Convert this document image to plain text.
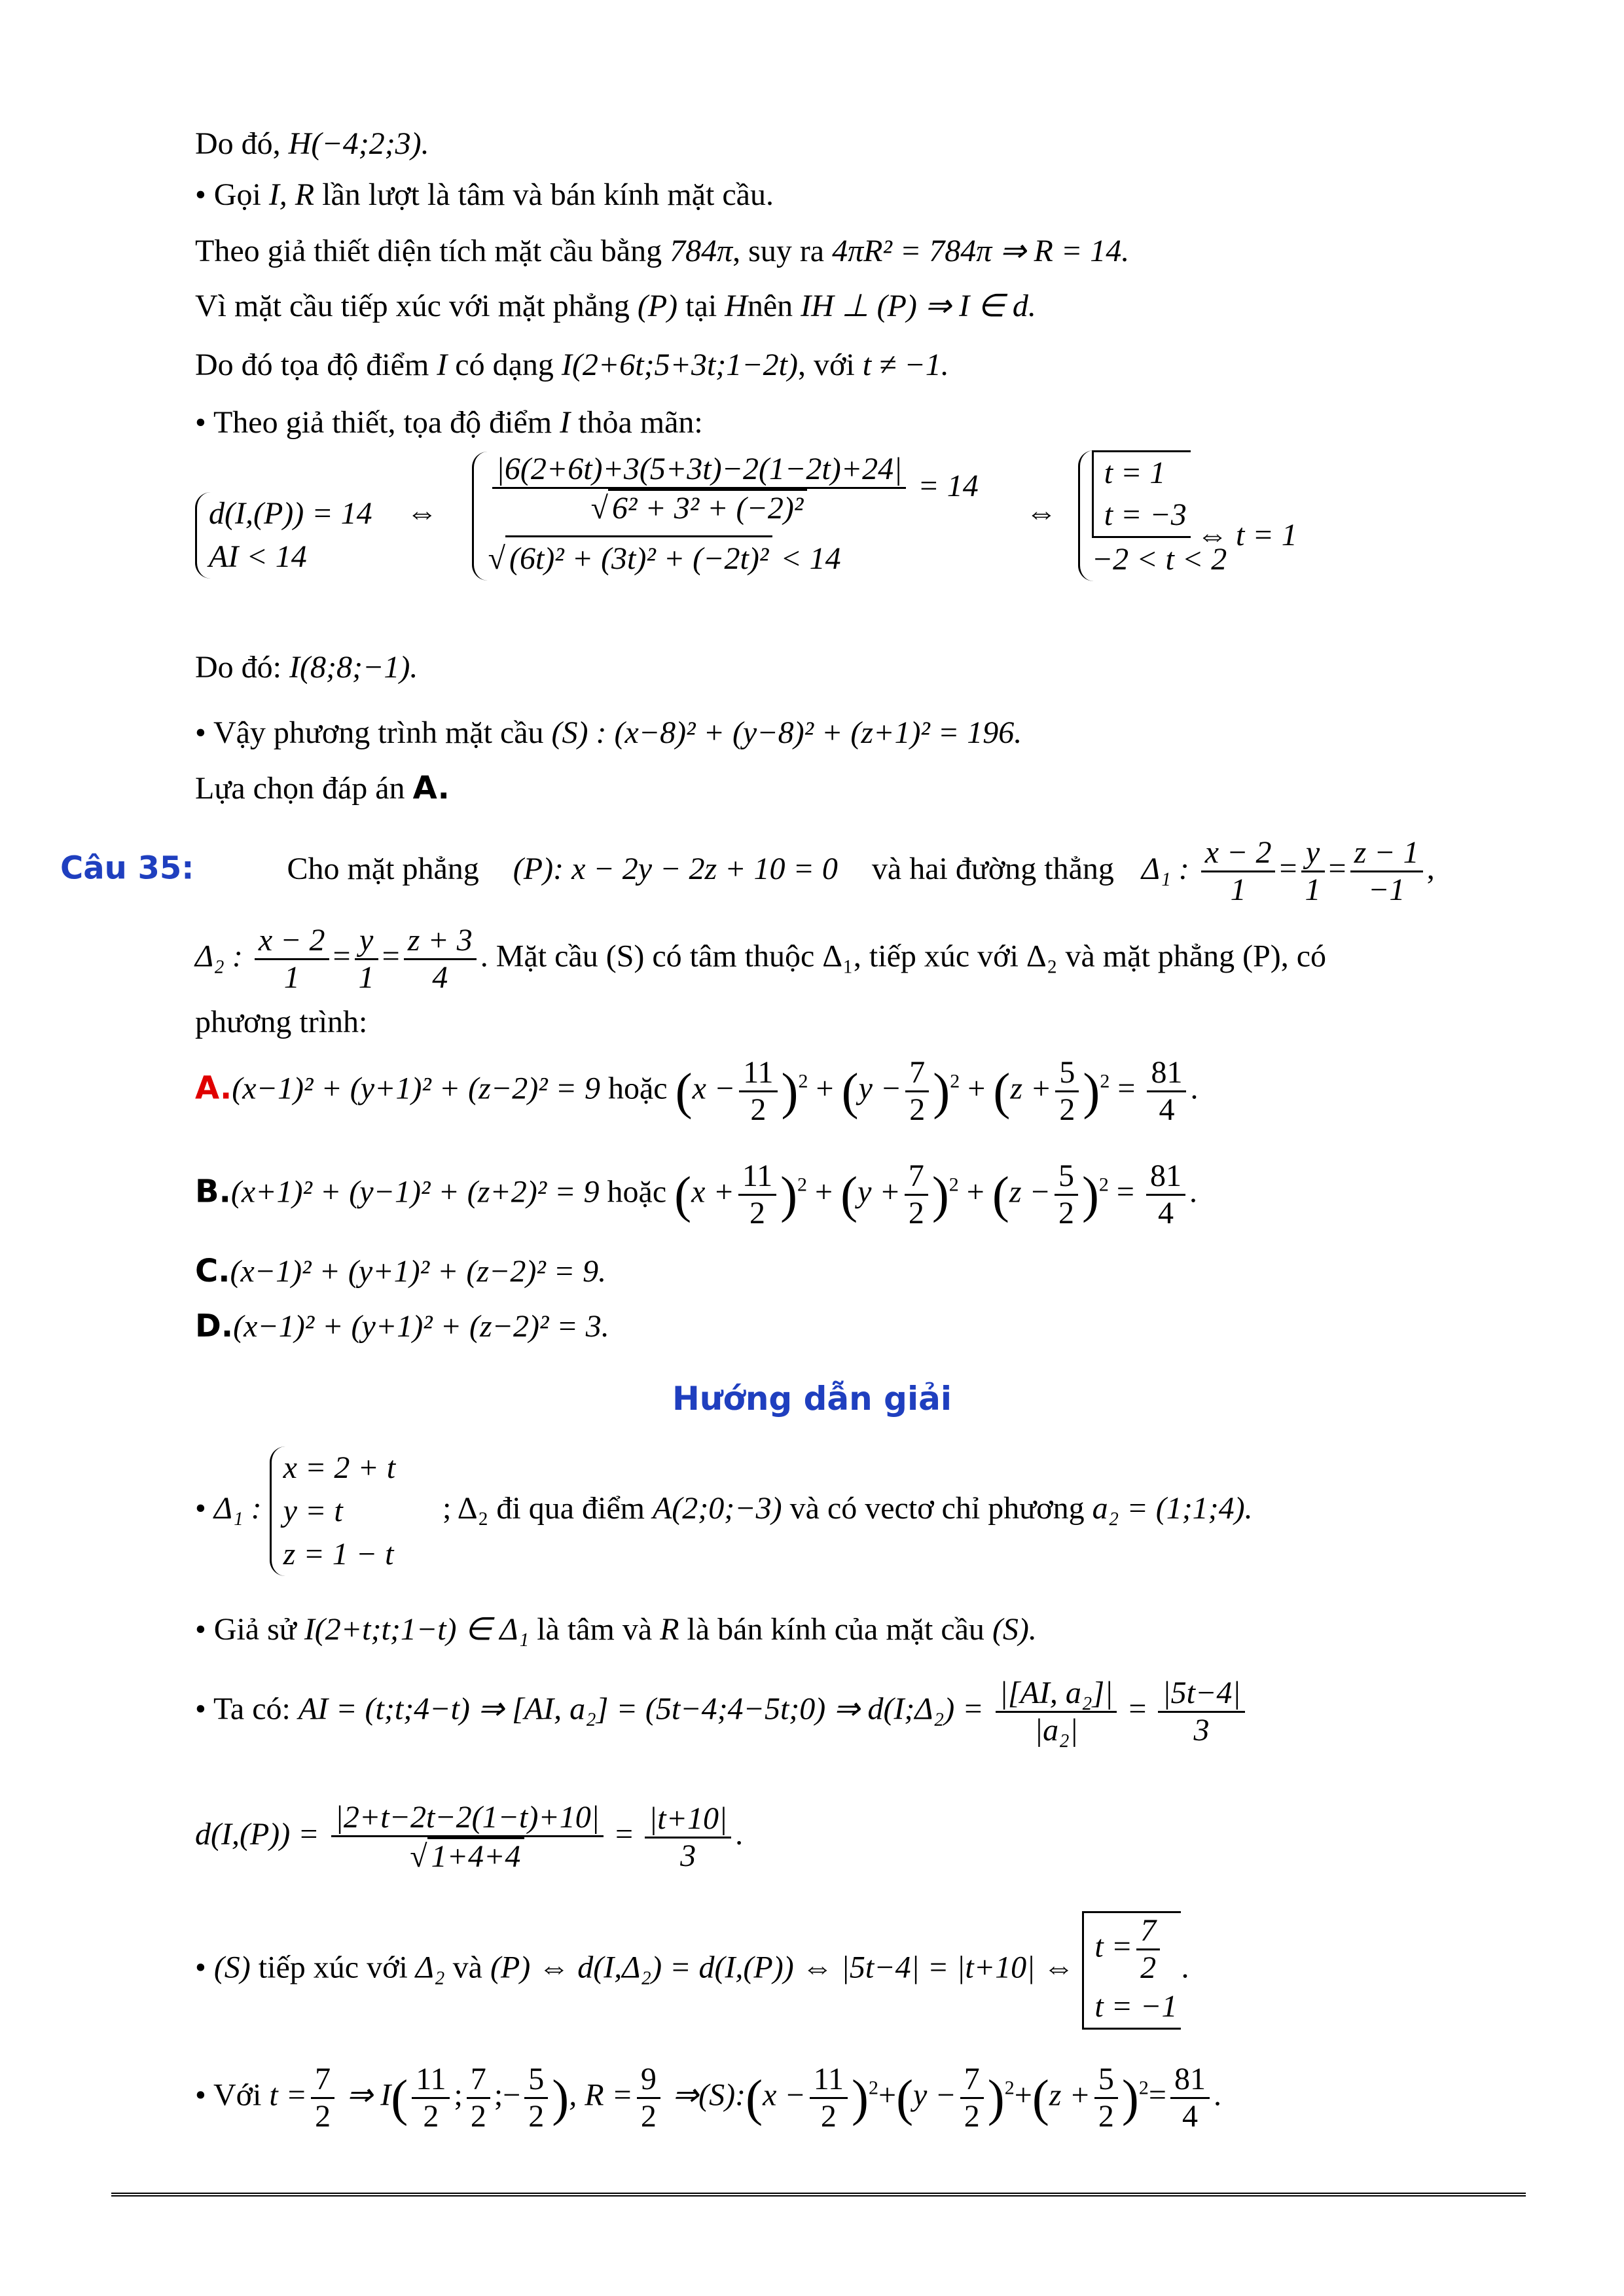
Do đó, H(−4;2;3).
• Gọi I, R lần lượt là tâm và bán kính mặt cầu.
Theo giả thiết diện tích mặt cầu bằng 784π, suy ra 4πR² = 784π ⇒ R = 14.
Vì mặt cầu tiếp xúc với mặt phẳng (P) tại Hnên IH ⊥ (P) ⇒ I ∈ d.
Do đó tọa độ điểm I có dạng I(2+6t;5+3t;1−2t), với t ≠ −1.
• Theo giả thiết, tọa độ điểm I thỏa mãn:
d(I,(P)) = 14
AI < 14
⇔ $\frac{|6(2+6t)+3(5+3t)-2(1-2t)+24|}{\text{√ 6² + 3² + (−2)²}} = 14$
√ (6t)² + (3t)² + (−2t)² < 14
⇔
t = 1
t = −3
−2 < t < 2
⇔ t = 1
Do đó: I(8;8;−1).
• Vậy phương trình mặt cầu (S) : (x−8)² + (y−8)² + (z+1)² = 196.
Lựa chọn đáp án A.
Câu 35:	Cho mặt phẳng (P): x − 2y − 2z + 10 = 0 và hai đường thẳng Δ₁ : $\frac{x - 2}{1} = \frac{y}{1} = \frac{z - 1}{-1}$ ,
Δ₂ : $\frac{x - 2}{1} = \frac{y}{1} = \frac{z + 3}{4}$ . Mặt cầu (S) có tâm thuộc Δ₁, tiếp xúc với Δ₂ và mặt phẳng (P), có
phương trình:
A.(x−1)² + (y+1)² + (z−2)² = 9 hoặc $(x - \frac{11}{2} )^2 + (y - \frac{7}{2} )^2 + (z + \frac{5}{2} )^2 = \frac{81}{4}$ .
B.(x+1)² + (y−1)² + (z+2)² = 9 hoặc $(x + \frac{11}{2} )^2 + (y + \frac{7}{2} )^2 + (z - \frac{5}{2} )^2 = \frac{81}{4}$ .
C.(x−1)² + (y+1)² + (z−2)² = 9.
D.(x−1)² + (y+1)² + (z−2)² = 3.
Hướng dẫn giải
• Δ₁ :
x = 2 + t
y = t
z = 1 − t
; Δ₂ đi qua điểm A(2;0;−3) và có vectơ chỉ phương a₂ = (1;1;4).
• Giả sử I(2+t;t;1−t) ∈ Δ₁ là tâm và R là bán kính của mặt cầu (S).
• Ta có: AI = (t;t;4−t) ⇒ [AI, a₂] = (5t−4;4−5t;0) ⇒ d(I;Δ₂) = $\frac{\text{|[AI, a₂]|}}{\text{|a₂|}} = \frac{|5t-4|}{3}$
$d(I,(P)) = \frac{|2+t-2t-2(1-t)+10|}{√ 1+4+4} = \frac{|t+10|}{3}$ .
• (S) tiếp xúc với Δ₂ và (P) ⇔ d(I,Δ₂) = d(I,(P)) ⇔ |5t−4| = |t+10| ⇔
$t = \frac{7}{2}$
t = −1
.
• Với $t = \frac{7}{2}$ ⇒ $I( \frac{11}{2}$ ; $\frac{7}{2}$ ;− $\frac{5}{2}$ ), $R = \frac{9}{2}$ ⇒(S):(x − $\frac{11}{2} )^2+(y - \frac{7}{2} )^2+(z + \frac{5}{2} )^2= \frac{81}{4}$ .
